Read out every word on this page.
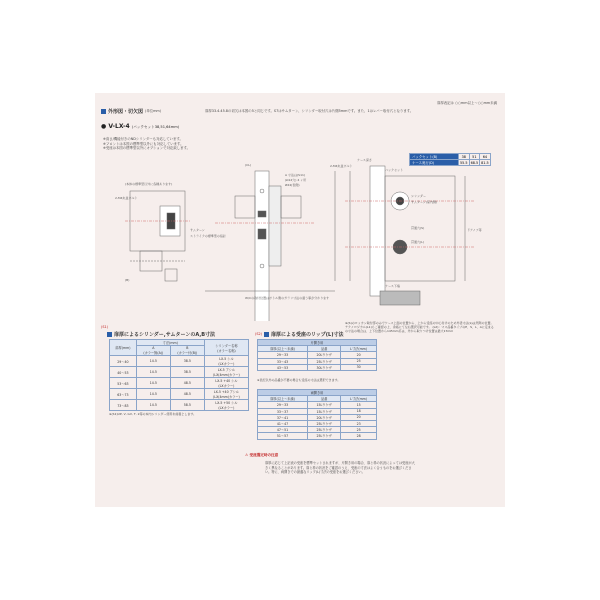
扉厚表記は ○○mm以上～○○mm未満
外形図・切欠図 (単位mm)	扉厚33.4.45.8の切欠は本図の5と同じです。S7はサムターン、シリンダー取付穴は片側5mmです。また、1はレバー取付穴となります。
● V-LX-4 (バックセット38,51,64mm)
※高さ/機能付きのNDシリンダーも対応しています。
※フロントは本図の標準型以外にも対応しています。
※受座は本図の標準型以外にオプションで対応致します。
バックセット(B)	38	51	64
ケース奥行(D)	55.5	68.5	81.5
(本体の標準型以外に各種あります)
2-M4丸皿ボルト
サムターン
ストライクの標準型の指針
(B)
A 寸法は(S11)
(Ω12穴) 4 ヶ所
Ø24(表側)
(CL)
W/Cの取付位置はボトル側のガラリ寸法の違う事が分かります
ケース深さ
バックセット
2-M4丸皿ボルト
シリンダー
サムターン(室内側)
貫通穴(S)
貫通穴(L)
ドアノブ等
ケース下端
※(S)のロッカン取付部のみでケース上面の位置から、上から受座の中心付けのため外径寸法(L)は実際の位置。 テクノロジカル(L1)もご確認の上、余裕にて左右選択可能です。 (L2)：マス品番タイプのE、S、L、Aに定まるの寸法の場合は、上下位置から145mm迄は、外から取りつけ位置は最大17mm
(S1)
扉厚によるシリンダー,サムターンのA,B寸法
扉厚(mm)	寸法(mm)		シリンダー名称
(カラー名称)
	A
(カラー無(A))	B
(カラー付(B))	
29～40	14.5	38.5	LX-5 シル
(LXカラー)
40～53	14.5	38.5	LX-5 アシル
(LX(4mm)カラー)
53～63	14.5	48.5	LX-5 +40 シル
(LXカラー)
63～73	14.5	48.5	LX-5 +40 アシル
(LX(4mm)カラー)
73～83	14.5	58.5	LX-5 +50 シル
(LXカラー)
※(S1)UP, V, GV, T, 2等の本内シリンダー使用を前提とします。
(S2) 扉厚による受座のリップ(L)寸法
片開き用		
扉厚(以上～未満)	品番	L寸法(mm)
29～33	20Lウケザ	20
33～43	25Lウケザ	25
43～53	30Lウケザ	30
※表記以外の品番が不要の場合も受座の寸法は選択できます。
両開き用		
扉厚(以上～未満)	品番	L寸法(mm)
29～33	15Lウケザ	15
33～37	15Lウケザ	18
37～41	20Lウケザ	20
41～47	25Lウケザ	23
47～51	25Lウケザ	25
51～57	25Lウケザ	28
⚠ 受座選定時の注意
扉厚に応じて上記表の受座を標準セットされますが、片開き用の場合、扉と枠の状況によっては受座が大きく異なることがあります。扉と枠の状況をご確認のうえ、受座の寸法はよく合うものをお選びください。特に、両開きでの最適なリップ(L)寸法の受座をお選びください。
